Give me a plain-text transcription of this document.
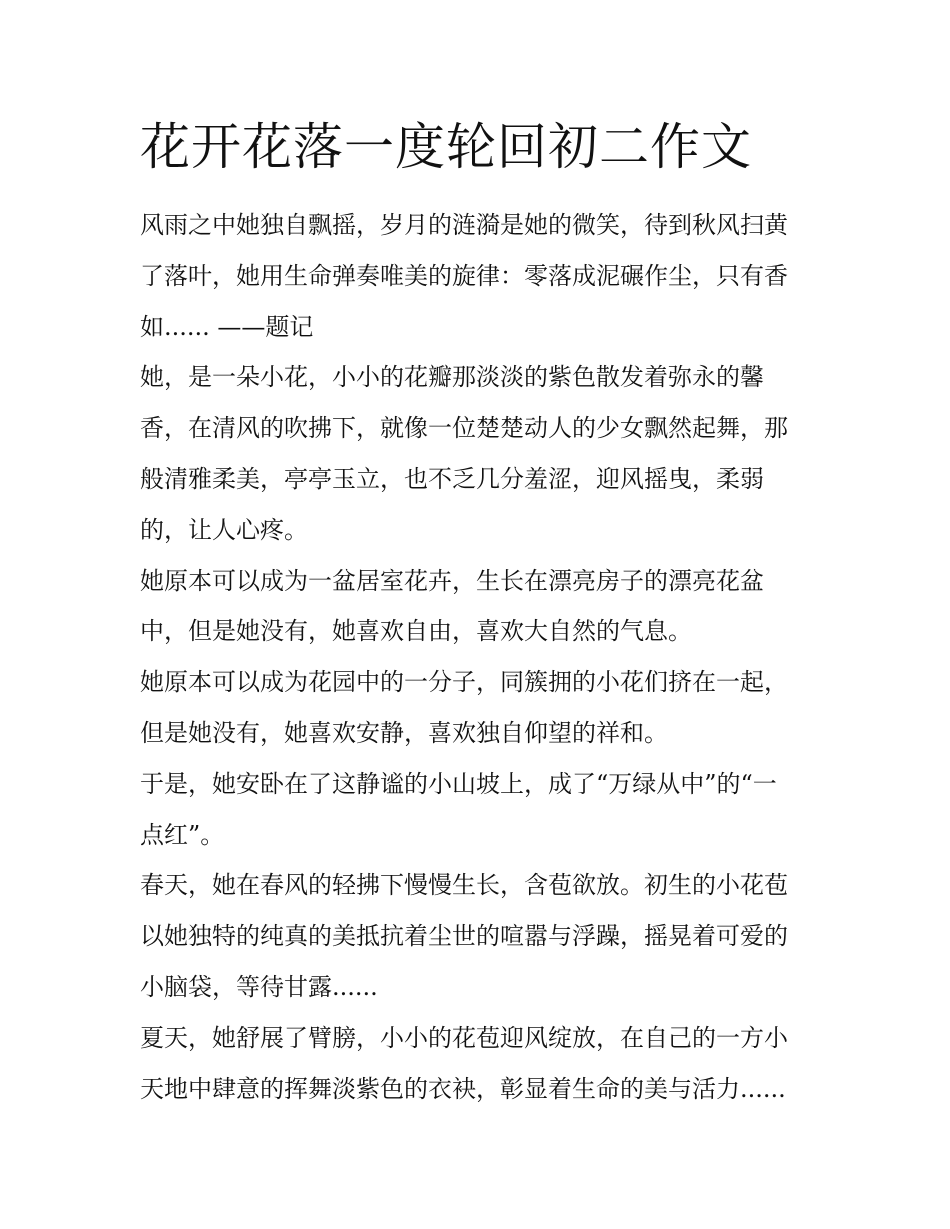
花开花落一度轮回初二作文
风雨之中她独自飘摇，岁月的涟漪是她的微笑，待到秋风扫黄
了落叶，她用生命弹奏唯美的旋律：零落成泥碾作尘，只有香
如...... ——题记
她，是一朵小花，小小的花瓣那淡淡的紫色散发着弥永的馨
香，在清风的吹拂下，就像一位楚楚动人的少女飘然起舞，那
般清雅柔美，亭亭玉立，也不乏几分羞涩，迎风摇曳，柔弱
的，让人心疼。
她原本可以成为一盆居室花卉，生长在漂亮房子的漂亮花盆
中，但是她没有，她喜欢自由，喜欢大自然的气息。
她原本可以成为花园中的一分子，同簇拥的小花们挤在一起，
但是她没有，她喜欢安静，喜欢独自仰望的祥和。
于是，她安卧在了这静谧的小山坡上，成了“万绿从中”的“一
点红”。
春天，她在春风的轻拂下慢慢生长，含苞欲放。初生的小花苞
以她独特的纯真的美抵抗着尘世的喧嚣与浮躁，摇晃着可爱的
小脑袋，等待甘露......
夏天，她舒展了臂膀，小小的花苞迎风绽放，在自己的一方小
天地中肆意的挥舞淡紫色的衣袂，彰显着生命的美与活力......
